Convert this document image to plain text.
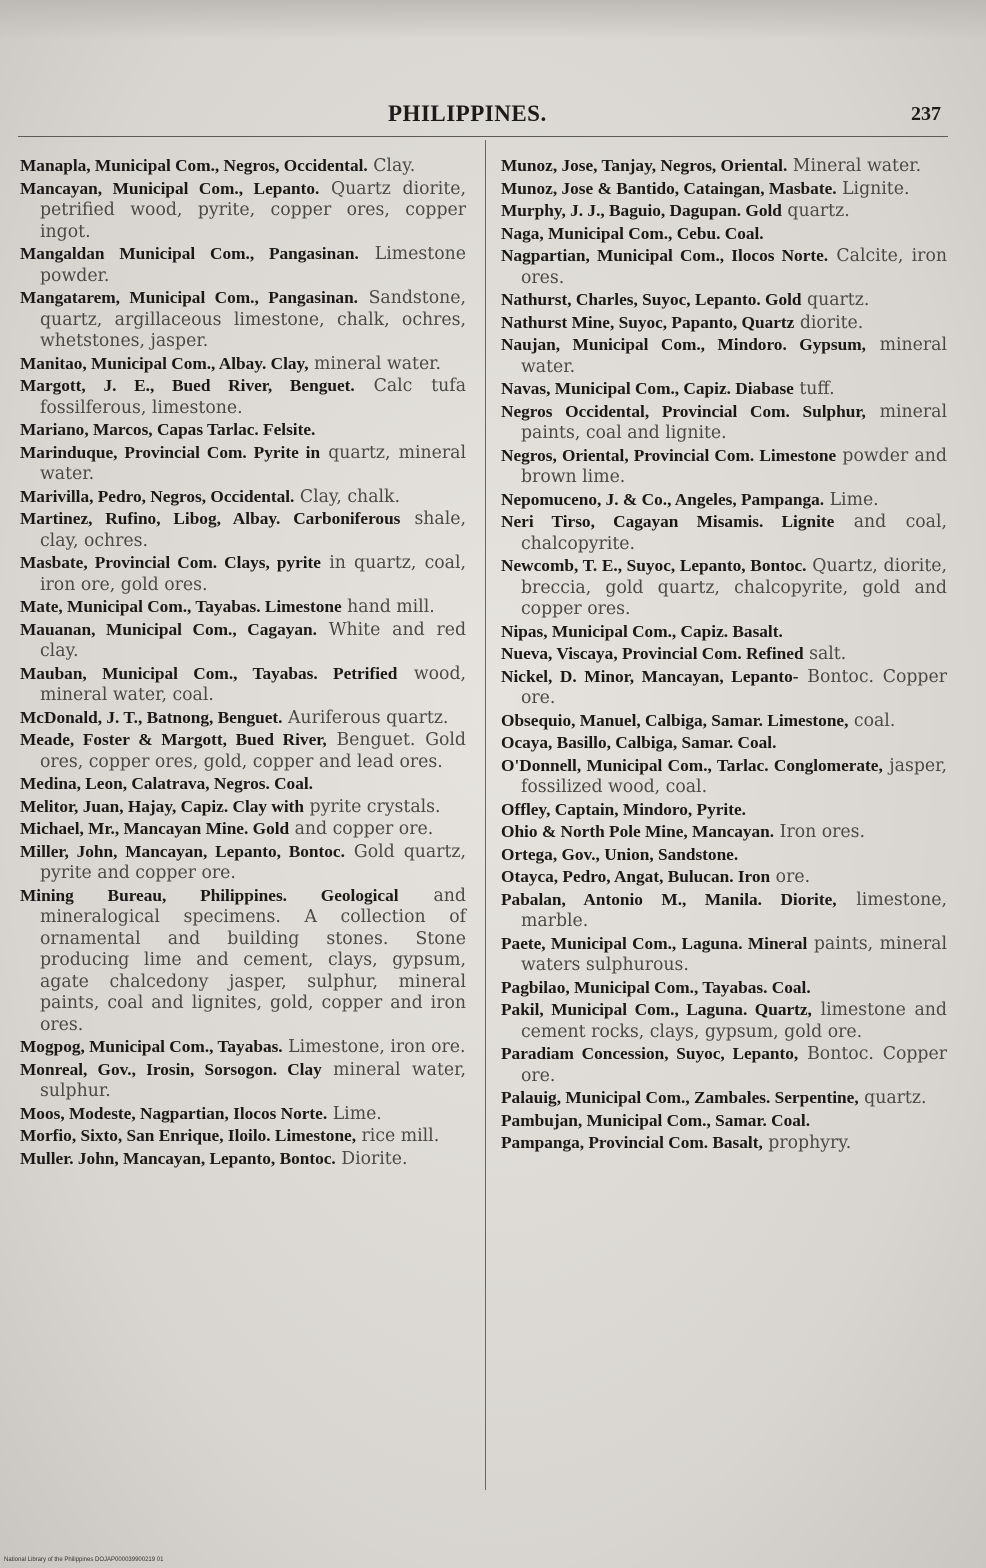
PHILIPPINES.	237
Manapla, Municipal Com., Negros, Occidental. Clay.
Mancayan, Municipal Com., Lepanto. Quartz diorite, petrified wood, pyrite, copper ores, copper ingot.
Mangaldan Municipal Com., Pangasinan. Limestone powder.
Mangatarem, Municipal Com., Pangasinan. Sandstone, quartz, argillaceous limestone, chalk, ochres, whetstones, jasper.
Manitao, Municipal Com., Albay. Clay, mineral water.
Margott, J. E., Bued River, Benguet. Calc tufa fossilferous, limestone.
Mariano, Marcos, Capas Tarlac. Felsite.
Marinduque, Provincial Com. Pyrite in quartz, mineral water.
Marivilla, Pedro, Negros, Occidental. Clay, chalk.
Martinez, Rufino, Libog, Albay. Carboniferous shale, clay, ochres.
Masbate, Provincial Com. Clays, pyrite in quartz, coal, iron ore, gold ores.
Mate, Municipal Com., Tayabas. Limestone hand mill.
Mauanan, Municipal Com., Cagayan. White and red clay.
Mauban, Municipal Com., Tayabas. Petrified wood, mineral water, coal.
McDonald, J. T., Batnong, Benguet. Auriferous quartz.
Meade, Foster & Margott, Bued River, Benguet. Gold ores, copper ores, gold, copper and lead ores.
Medina, Leon, Calatrava, Negros. Coal.
Melitor, Juan, Hajay, Capiz. Clay with pyrite crystals.
Michael, Mr., Mancayan Mine. Gold and copper ore.
Miller, John, Mancayan, Lepanto, Bontoc. Gold quartz, pyrite and copper ore.
Mining Bureau, Philippines. Geological and mineralogical specimens. A collection of ornamental and building stones. Stone producing lime and cement, clays, gypsum, agate chalcedony jasper, sulphur, mineral paints, coal and lignites, gold, copper and iron ores.
Mogpog, Municipal Com., Tayabas. Limestone, iron ore.
Monreal, Gov., Irosin, Sorsogon. Clay mineral water, sulphur.
Moos, Modeste, Nagpartian, Ilocos Norte. Lime.
Morfio, Sixto, San Enrique, Iloilo. Limestone, rice mill.
Muller. John, Mancayan, Lepanto, Bontoc. Diorite.
Munoz, Jose, Tanjay, Negros, Oriental. Mineral water.
Munoz, Jose & Bantido, Cataingan, Masbate. Lignite.
Murphy, J. J., Baguio, Dagupan. Gold quartz.
Naga, Municipal Com., Cebu. Coal.
Nagpartian, Municipal Com., Ilocos Norte. Calcite, iron ores.
Nathurst, Charles, Suyoc, Lepanto. Gold quartz.
Nathurst Mine, Suyoc, Papanto, Quartz diorite.
Naujan, Municipal Com., Mindoro. Gypsum, mineral water.
Navas, Municipal Com., Capiz. Diabase tuff.
Negros Occidental, Provincial Com. Sulphur, mineral paints, coal and lignite.
Negros, Oriental, Provincial Com. Limestone powder and brown lime.
Nepomuceno, J. & Co., Angeles, Pampanga. Lime.
Neri Tirso, Cagayan Misamis. Lignite and coal, chalcopyrite.
Newcomb, T. E., Suyoc, Lepanto, Bontoc. Quartz, diorite, breccia, gold quartz, chalcopyrite, gold and copper ores.
Nipas, Municipal Com., Capiz. Basalt.
Nueva, Viscaya, Provincial Com. Refined salt.
Nickel, D. Minor, Mancayan, Lepanto- Bontoc. Copper ore.
Obsequio, Manuel, Calbiga, Samar. Limestone, coal.
Ocaya, Basillo, Calbiga, Samar. Coal.
O'Donnell, Municipal Com., Tarlac. Conglomerate, jasper, fossilized wood, coal.
Offley, Captain, Mindoro, Pyrite.
Ohio & North Pole Mine, Mancayan. Iron ores.
Ortega, Gov., Union, Sandstone.
Otayca, Pedro, Angat, Bulucan. Iron ore.
Pabalan, Antonio M., Manila. Diorite, limestone, marble.
Paete, Municipal Com., Laguna. Mineral paints, mineral waters sulphurous.
Pagbilao, Municipal Com., Tayabas. Coal.
Pakil, Municipal Com., Laguna. Quartz, limestone and cement rocks, clays, gypsum, gold ore.
Paradiam Concession, Suyoc, Lepanto, Bontoc. Copper ore.
Palauig, Municipal Com., Zambales. Serpentine, quartz.
Pambujan, Municipal Com., Samar. Coal.
Pampanga, Provincial Com. Basalt, prophyry.
National Library of the Philippines DOJAP000039900219 01
